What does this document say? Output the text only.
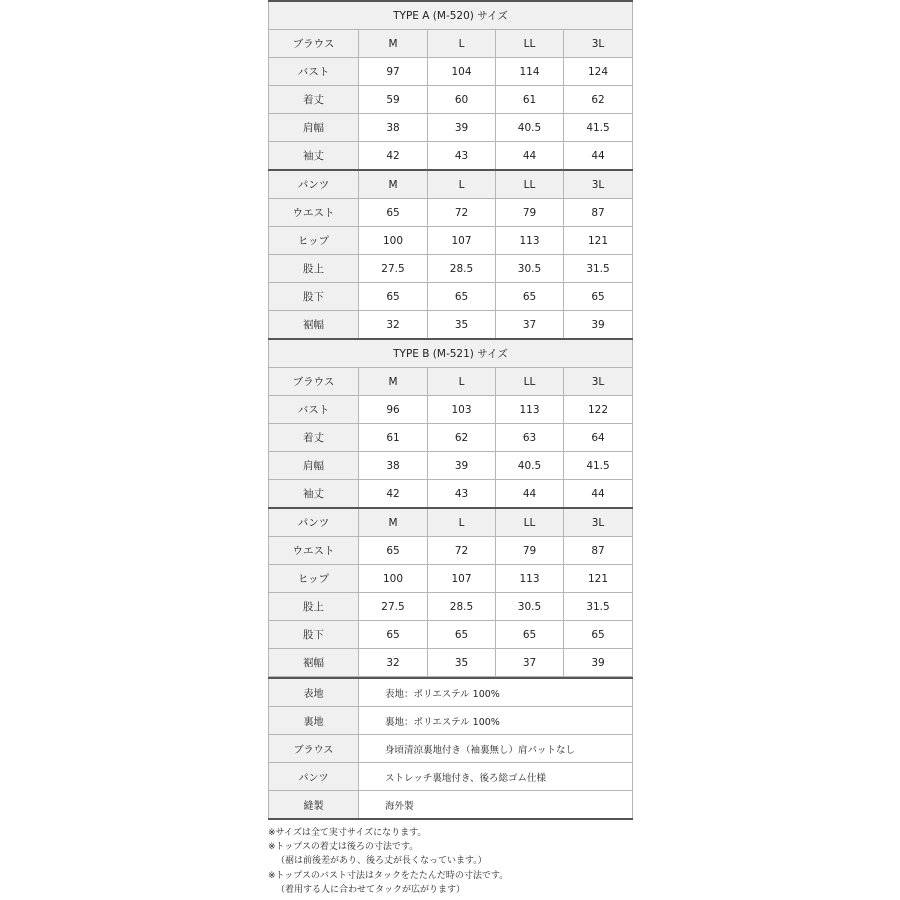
TYPE A (M-520) サイズ				
ブラウス	M	L	LL	3L
バスト	97	104	114	124
着丈	59	60	61	62
肩幅	38	39	40.5	41.5
袖丈	42	43	44	44
パンツ	M	L	LL	3L
ウエスト	65	72	79	87
ヒップ	100	107	113	121
股上	27.5	28.5	30.5	31.5
股下	65	65	65	65
裾幅	32	35	37	39
TYPE B (M-521) サイズ				
ブラウス	M	L	LL	3L
バスト	96	103	113	122
着丈	61	62	63	64
肩幅	38	39	40.5	41.5
袖丈	42	43	44	44
パンツ	M	L	LL	3L
ウエスト	65	72	79	87
ヒップ	100	107	113	121
股上	27.5	28.5	30.5	31.5
股下	65	65	65	65
裾幅	32	35	37	39
表地	表地：ポリエステル 100%
裏地	裏地：ポリエステル 100%
ブラウス	身頃清涼裏地付き（袖裏無し）肩パットなし
パンツ	ストレッチ裏地付き、後ろ総ゴム仕様
縫製	海外製
※サイズは全て実寸サイズになります。
※トップスの着丈は後ろの寸法です。
（裾は前後差があり、後ろ丈が長くなっています。）
※トップスのバスト寸法はタックをたたんだ時の寸法です。
（着用する人に合わせてタックが広がります）
